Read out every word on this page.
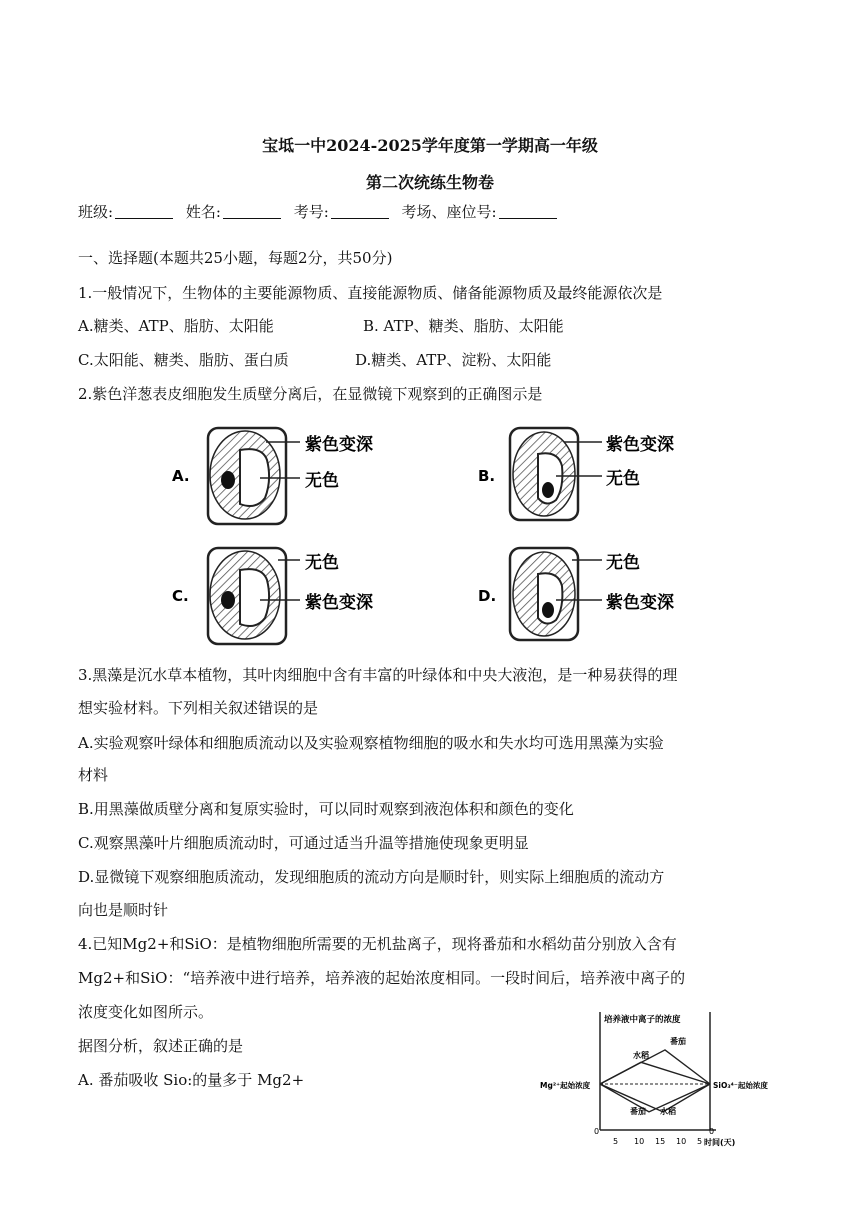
宝坻一中2024-2025学年度第一学期高一年级
第二次统练生物卷
班级:	姓名:	考号:	考场、座位号:
一、选择题(本题共25小题，每题2分，共50分)
1.一般情况下，生物体的主要能源物质、直接能源物质、储备能源物质及最终能源依次是
A.糖类、ATP、脂肪、太阳能	B. ATP、糖类、脂肪、太阳能
C.太阳能、糖类、脂肪、蛋白质	D.糖类、ATP、淀粉、太阳能
2.紫色洋葱表皮细胞发生质壁分离后，在显微镜下观察到的正确图示是
A.
紫色变深
无色	B.
紫色变深
无色
C.
无色
紫色变深	D.
无色
紫色变深
3.黑藻是沉水草本植物，其叶肉细胞中含有丰富的叶绿体和中央大液泡，是一种易获得的理
想实验材料。下列相关叙述错误的是
A.实验观察叶绿体和细胞质流动以及实验观察植物细胞的吸水和失水均可选用黑藻为实验
材料
B.用黑藻做质壁分离和复原实验时，可以同时观察到液泡体积和颜色的变化
C.观察黑藻叶片细胞质流动时，可通过适当升温等措施使现象更明显
D.显微镜下观察细胞质流动，发现细胞质的流动方向是顺时针，则实际上细胞质的流动方
向也是顺时针
4.已知Mg2+和SiO：是植物细胞所需要的无机盐离子，现将番茄和水稻幼苗分别放入含有
Mg2+和SiO：“培养液中进行培养，培养液的起始浓度相同。一段时间后，培养液中离子的
浓度变化如图所示。
据图分析，叙述正确的是
A. 番茄吸收 Sio:的量多于 Mg2+
培养液中离子的浓度
Mg²⁺起始浓度	SiO₃⁴⁻起始浓度
0	0
时间(天)
5 10 15 10 5
水稻
番茄
番茄 水稻
